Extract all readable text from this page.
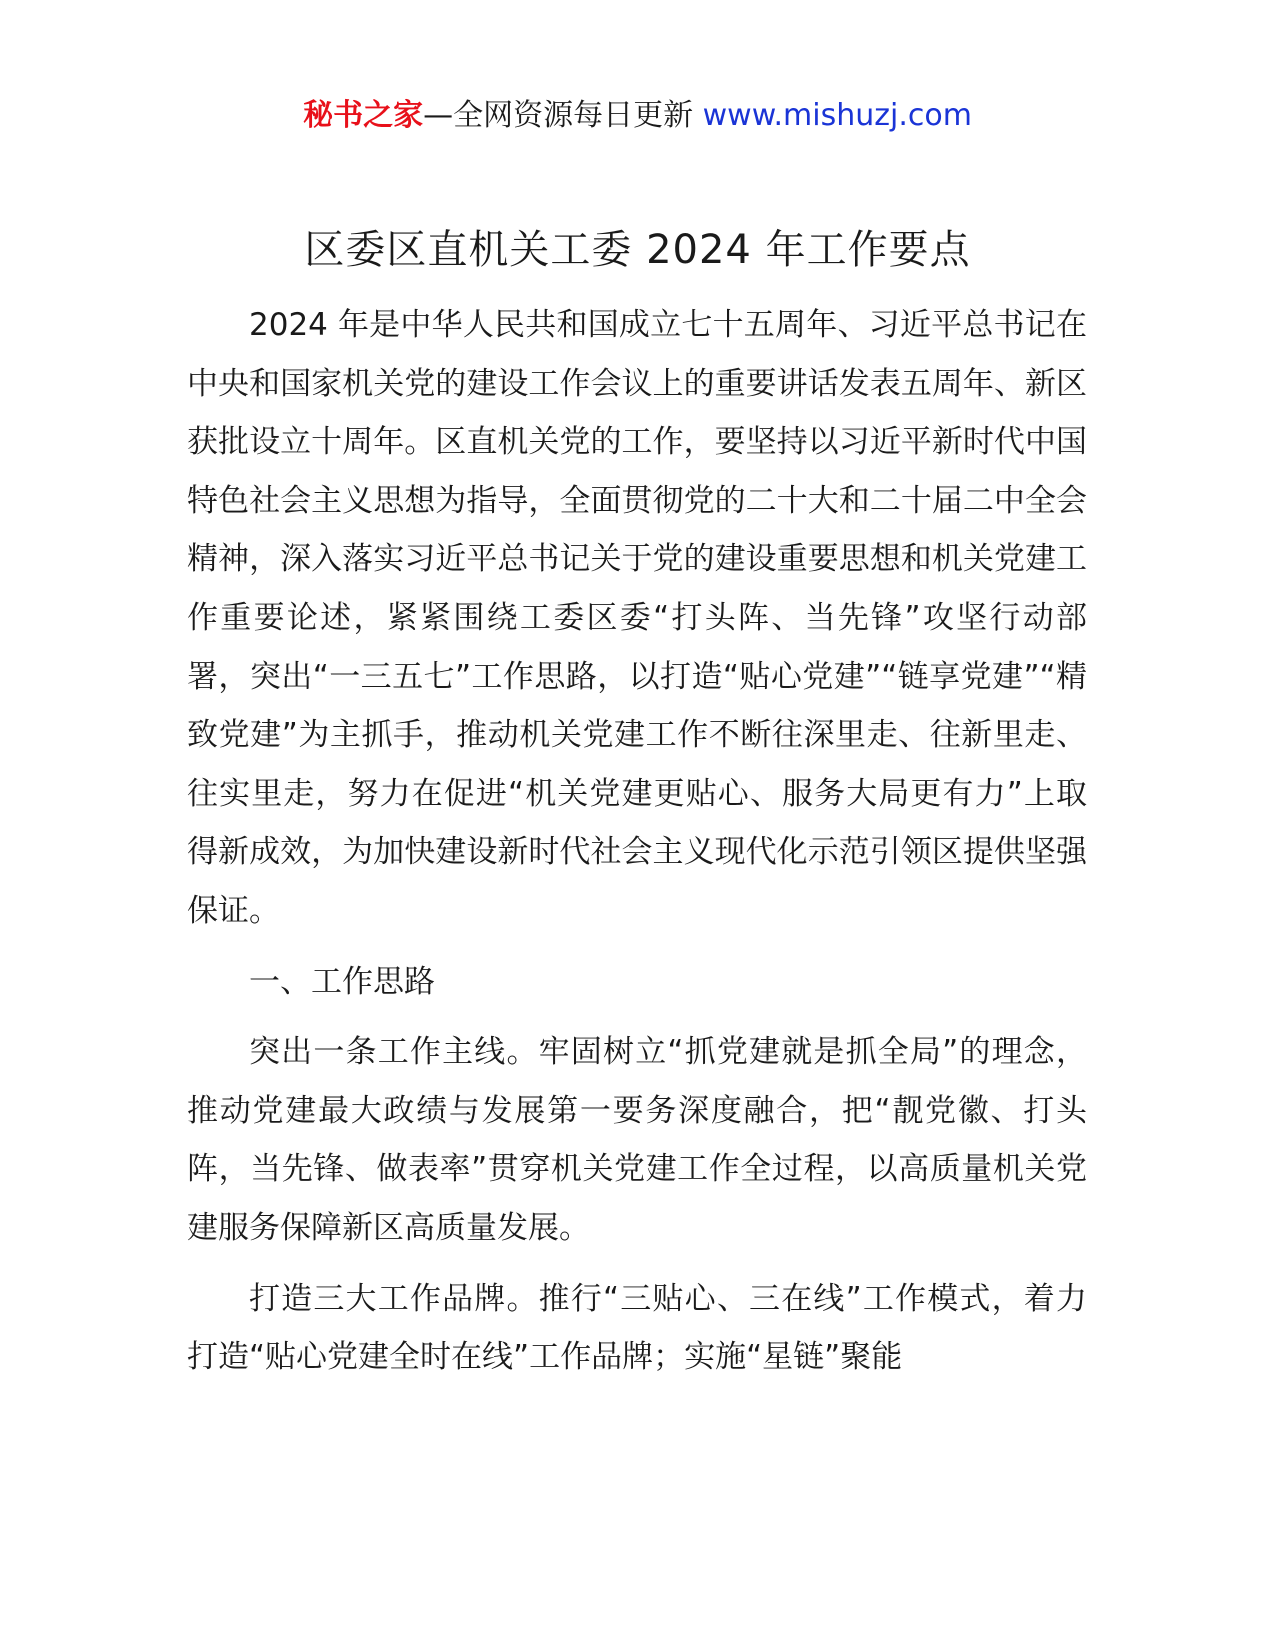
秘书之家—全网资源每日更新 www.mishuzj.com
区委区直机关工委 2024 年工作要点

2024 年是中华人民共和国成立七十五周年、习近平总书记在中央和国家机关党的建设工作会议上的重要讲话发表五周年、新区获批设立十周年。区直机关党的工作，要坚持以习近平新时代中国特色社会主义思想为指导，全面贯彻党的二十大和二十届二中全会精神，深入落实习近平总书记关于党的建设重要思想和机关党建工作重要论述，紧紧围绕工委区委“打头阵、当先锋”攻坚行动部署，突出“一三五七”工作思路，以打造“贴心党建”“链享党建”“精致党建”为主抓手，推动机关党建工作不断往深里走、往新里走、往实里走，努力在促进“机关党建更贴心、服务大局更有力”上取得新成效，为加快建设新时代社会主义现代化示范引领区提供坚强保证。

一、工作思路

突出一条工作主线。牢固树立“抓党建就是抓全局”的理念，推动党建最大政绩与发展第一要务深度融合，把“靓党徽、打头阵，当先锋、做表率”贯穿机关党建工作全过程，以高质量机关党建服务保障新区高质量发展。

打造三大工作品牌。推行“三贴心、三在线”工作模式，着力打造“贴心党建全时在线”工作品牌；实施“星链”聚能
